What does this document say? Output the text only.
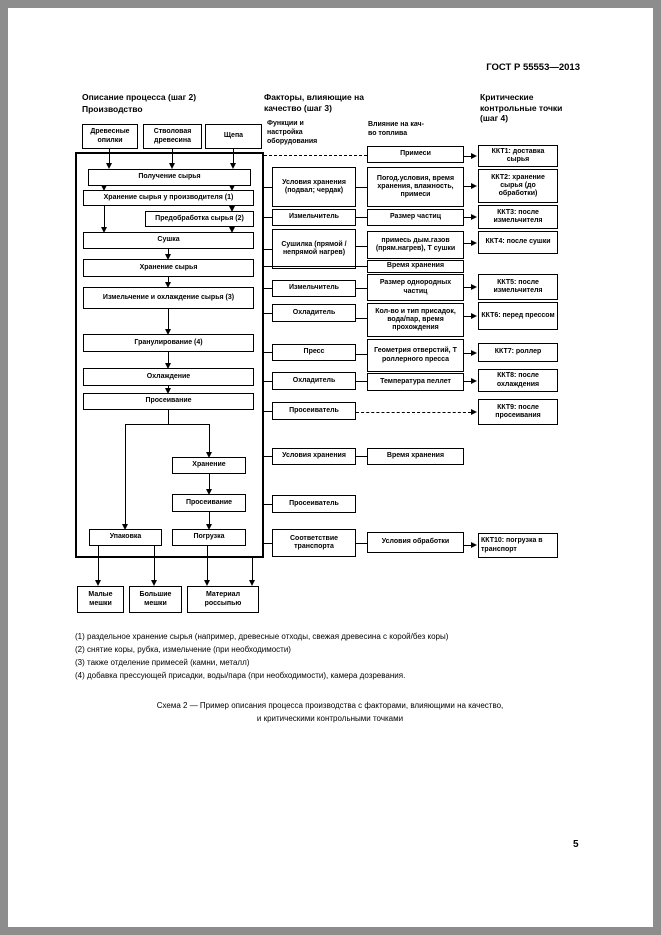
ГОСТ Р 55553—2013
5
Описание процесса (шаг 2)
Производство
Факторы, влияющие на качество (шаг 3)
Функции и настройка оборудования
Влияние на кач-во топлива
Критические контрольные точки (шаг 4)
Древесные опилки
Стволовая древесина
Щепа
Получение сырья
Хранение сырья у производителя (1)
Предобработка сырья (2)
Сушка
Хранение сырья
Измельчение и охлаждение сырья (3)
Гранулирование (4)
Охлаждение
Просеивание
Хранение
Просеивание
Упаковка	Погрузка
Малые мешки
Большие мешки
Материал россыпью
Условия хранения (подвал; чердак)
Измельчитель
Сушилка (прямой /непрямой нагрев)
Измельчитель
Охладитель
Пресс
Охладитель
Просеиватель
Условия хранения
Просеиватель
Соответствие транспорта
Примеси
Погод.условия, время хранения, влажность, примеси
Размер частиц
примесь дым.газов (прям.нагрев), Т сушки
Время хранения
Размер однородных частиц
Кол-во и тип присадок, вода/пар, время прохождения
Геометрия отверстий, Т роллерного пресса
Температура пеллет
Время хранения
Условия обработки
ККТ1: доставка сырья
ККТ2: хранение сырья (до обработки)
ККТ3: после измельчителя
ККТ4: после сушки
ККТ5: после измельчителя
ККТ6: перед прессом
ККТ7: роллер
ККТ8: после охлаждения
ККТ9: после просеивания
ККТ10: погрузка в транспорт
(1) раздельное хранение сырья (например, древесные отходы, свежая древесина с корой/без коры)
(2) снятие коры, рубка, измельчение (при необходимости)
(3) также отделение примесей (камни, металл)
(4) добавка прессующей присадки, воды/пара (при необходимости), камера дозревания.
Схема 2 — Пример описания процесса производства с факторами, влияющими на качество,
и критическими контрольными точками
